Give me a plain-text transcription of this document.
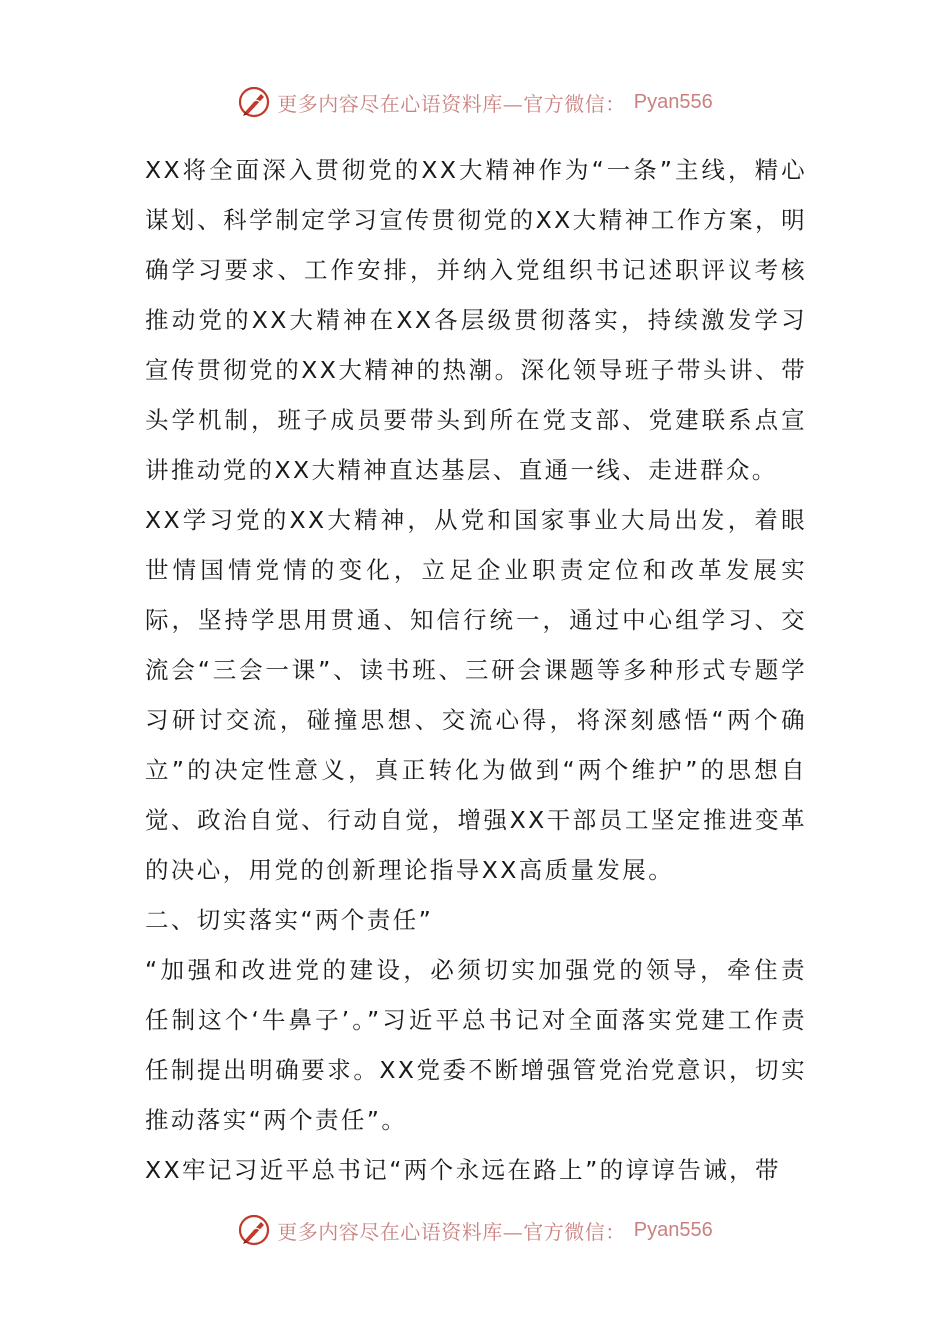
更多内容尽在心语资料库—官方微信： Pyan556

XX将全面深入贯彻党的XX大精神作为“一条”主线，精心谋划、科学制定学习宣传贯彻党的XX大精神工作方案，明确学习要求、工作安排，并纳入党组织书记述职评议考核推动党的XX大精神在XX各层级贯彻落实，持续激发学习宣传贯彻党的XX大精神的热潮。深化领导班子带头讲、带头学机制，班子成员要带头到所在党支部、党建联系点宣讲推动党的XX大精神直达基层、直通一线、走进群众。

XX学习党的XX大精神，从党和国家事业大局出发，着眼世情国情党情的变化，立足企业职责定位和改革发展实际，坚持学思用贯通、知信行统一，通过中心组学习、交流会“三会一课”、读书班、三研会课题等多种形式专题学习研讨交流，碰撞思想、交流心得，将深刻感悟“两个确立”的决定性意义，真正转化为做到“两个维护”的思想自觉、政治自觉、行动自觉，增强XX干部员工坚定推进变革的决心，用党的创新理论指导XX高质量发展。

二、切实落实“两个责任”

“加强和改进党的建设，必须切实加强党的领导，牵住责任制这个‘牛鼻子’。”习近平总书记对全面落实党建工作责任制提出明确要求。XX党委不断增强管党治党意识，切实推动落实“两个责任”。

XX牢记习近平总书记“两个永远在路上”的谆谆告诫，带

更多内容尽在心语资料库—官方微信： Pyan556
